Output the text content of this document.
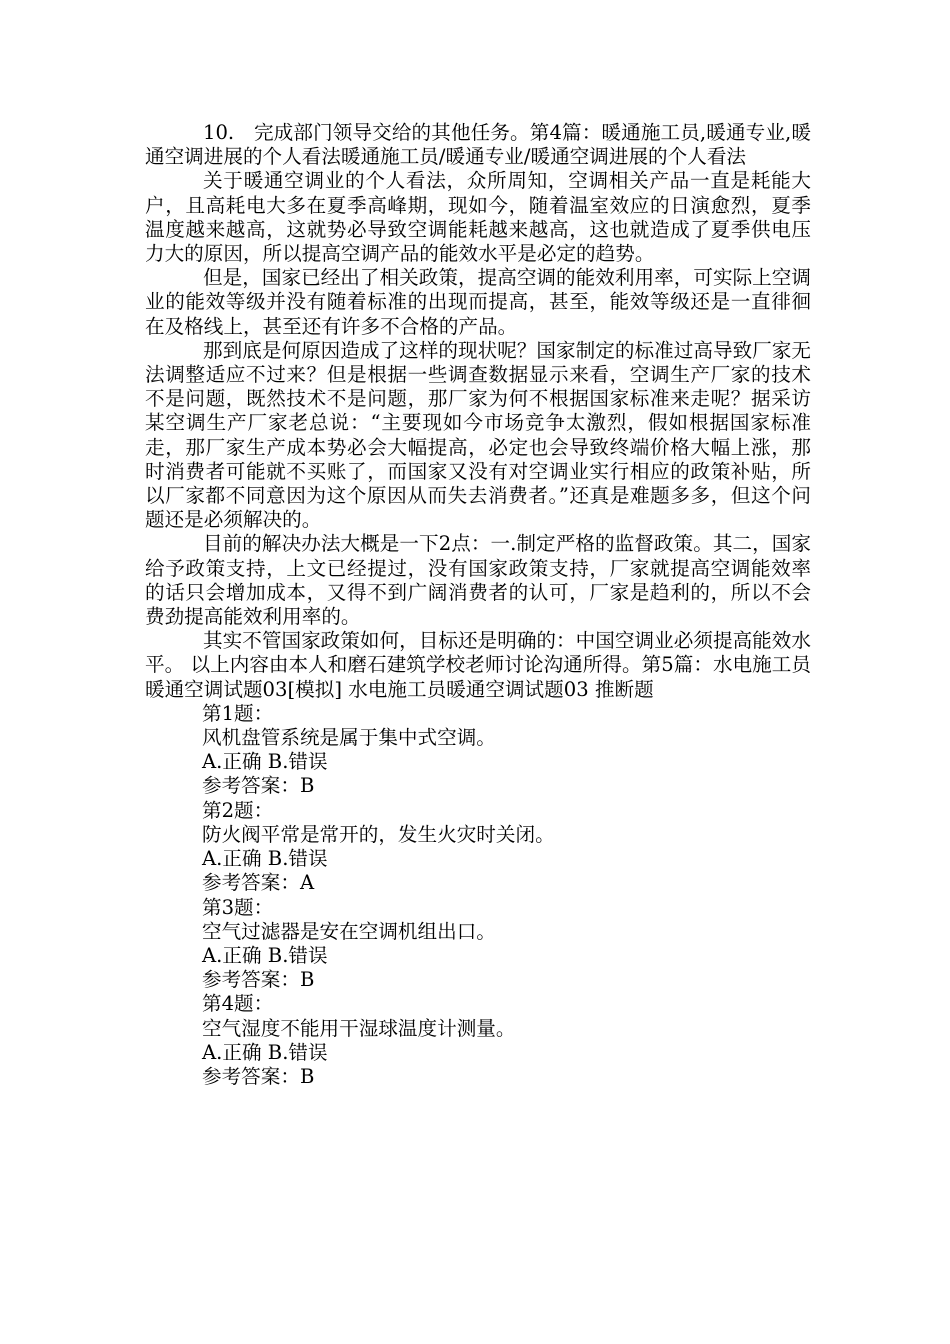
10.　完成部门领导交给的其他任务。第4篇：暖通施工员,暖通专业,暖通空调进展的个人看法暖通施工员/暖通专业/暖通空调进展的个人看法

关于暖通空调业的个人看法，众所周知，空调相关产品一直是耗能大户，且高耗电大多在夏季高峰期，现如今，随着温室效应的日演愈烈，夏季温度越来越高，这就势必导致空调能耗越来越高，这也就造成了夏季供电压力大的原因，所以提高空调产品的能效水平是必定的趋势。

但是，国家已经出了相关政策，提高空调的能效利用率，可实际上空调业的能效等级并没有随着标准的出现而提高，甚至，能效等级还是一直徘徊在及格线上，甚至还有许多不合格的产品。

那到底是何原因造成了这样的现状呢？国家制定的标准过高导致厂家无法调整适应不过来？但是根据一些调查数据显示来看，空调生产厂家的技术不是问题，既然技术不是问题，那厂家为何不根据国家标准来走呢？据采访某空调生产厂家老总说：“主要现如今市场竞争太激烈，假如根据国家标准走，那厂家生产成本势必会大幅提高，必定也会导致终端价格大幅上涨，那时消费者可能就不买账了，而国家又没有对空调业实行相应的政策补贴，所以厂家都不同意因为这个原因从而失去消费者。”还真是难题多多，但这个问题还是必须解决的。

目前的解决办法大概是一下2点：一.制定严格的监督政策。其二，国家给予政策支持，上文已经提过，没有国家政策支持，厂家就提高空调能效率的话只会增加成本，又得不到广阔消费者的认可，厂家是趋利的，所以不会费劲提高能效利用率的。

其实不管国家政策如何，目标还是明确的：中国空调业必须提高能效水平。 以上内容由本人和磨石建筑学校老师讨论沟通所得。第5篇：水电施工员暖通空调试题03[模拟] 水电施工员暖通空调试题03 推断题

第1题：

风机盘管系统是属于集中式空调。

A.正确 B.错误

参考答案：B

第2题：

防火阀平常是常开的，发生火灾时关闭。

A.正确 B.错误

参考答案：A

第3题：

空气过滤器是安在空调机组出口。

A.正确 B.错误

参考答案：B

第4题：

空气湿度不能用干湿球温度计测量。

A.正确 B.错误

参考答案：B
